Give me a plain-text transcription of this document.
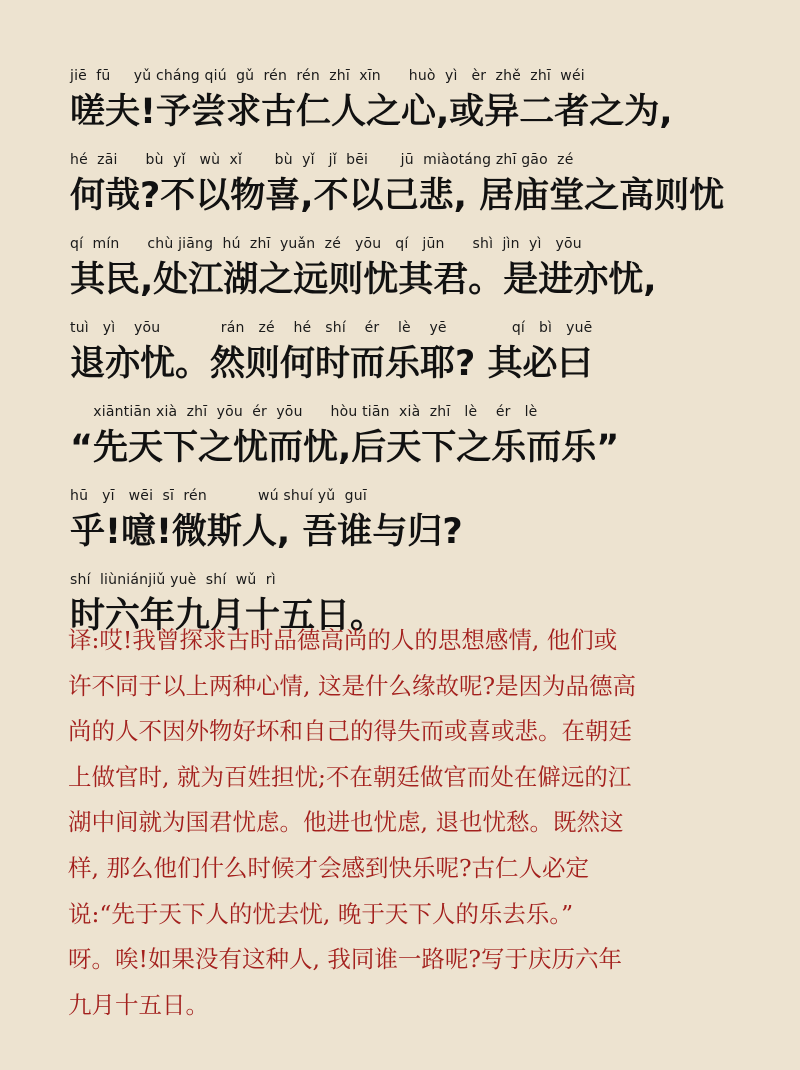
jiē  fū     yǔ cháng qiú  gǔ  rén  rén  zhī  xīn      huò  yì   èr  zhě  zhī  wéi
嗟夫!予尝求古仁人之心,或异二者之为,
hé  zāi      bù  yǐ   wù  xǐ       bù  yǐ   jǐ  bēi       jū  miàotáng zhī gāo  zé
何哉?不以物喜,不以己悲, 居庙堂之高则忧
qí  mín      chù jiāng  hú  zhī  yuǎn  zé   yōu   qí   jūn      shì  jìn  yì   yōu
其民,处江湖之远则忧其君。是进亦忧,
tuì   yì    yōu             rán   zé    hé   shí    ér    lè    yē              qí   bì   yuē
退亦忧。然则何时而乐耶? 其必曰
xiāntiān xià  zhī  yōu  ér  yōu      hòu tiān  xià  zhī   lè    ér   lè
“先天下之忧而忧,后天下之乐而乐”
hū   yī   wēi  sī  rén           wú shuí yǔ  guī
乎!噫!微斯人, 吾谁与归?
shí  liùniánjiǔ yuè  shí  wǔ  rì
时六年九月十五日。
译:哎!我曾探求古时品德高尚的人的思想感情, 他们或
许不同于以上两种心情, 这是什么缘故呢?是因为品德高
尚的人不因外物好坏和自己的得失而或喜或悲。在朝廷
上做官时, 就为百姓担忧;不在朝廷做官而处在僻远的江
湖中间就为国君忧虑。他进也忧虑, 退也忧愁。既然这
样, 那么他们什么时候才会感到快乐呢?古仁人必定
说:“先于天下人的忧去忧, 晚于天下人的乐去乐。”
呀。唉!如果没有这种人, 我同谁一路呢?写于庆历六年
九月十五日。
